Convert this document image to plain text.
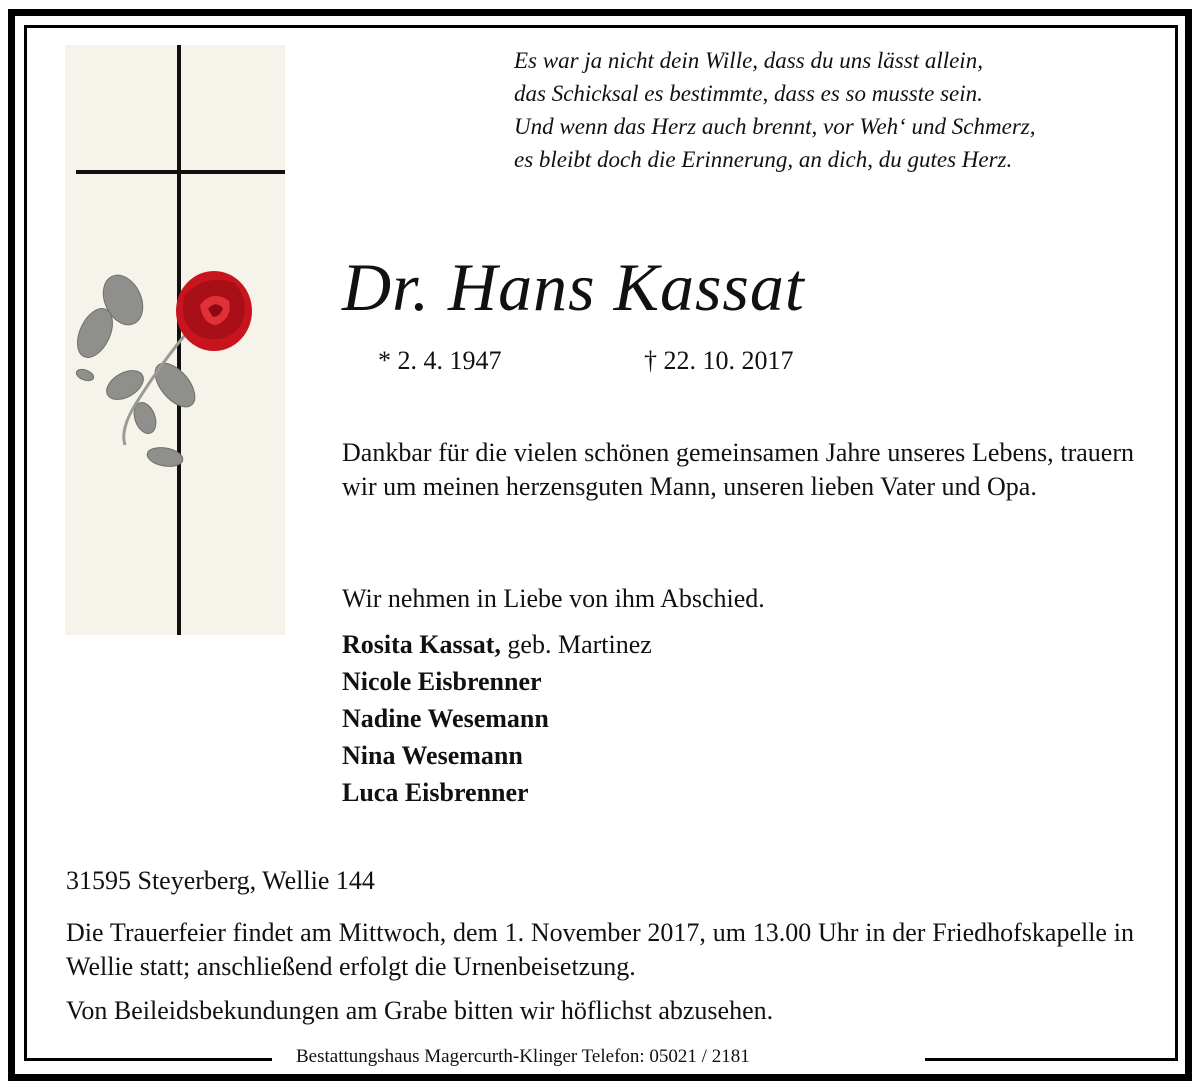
Es war ja nicht dein Wille, dass du uns lässt allein,
das Schicksal es bestimmte, dass es so musste sein.
Und wenn das Herz auch brennt, vor Weh‘ und Schmerz,
es bleibt doch die Erinnerung, an dich, du gutes Herz.
Dr. Hans Kassat
* 2. 4. 1947	† 22. 10. 2017
Dankbar für die vielen schönen gemeinsamen Jahre unseres Lebens, trauern wir um meinen herzensguten Mann, unseren lieben Vater und Opa.
Wir nehmen in Liebe von ihm Abschied.
Rosita Kassat, geb. Martinez
Nicole Eisbrenner
Nadine Wesemann
Nina Wesemann
Luca Eisbrenner
31595 Steyerberg, Wellie 144
Die Trauerfeier findet am Mittwoch, dem 1. November 2017, um 13.00 Uhr in der Friedhofskapelle in Wellie statt; anschließend erfolgt die Urnenbeisetzung.
Von Beileidsbekundungen am Grabe bitten wir höflichst abzusehen.
Bestattungshaus Magercurth-Klinger Telefon: 05021 / 2181
